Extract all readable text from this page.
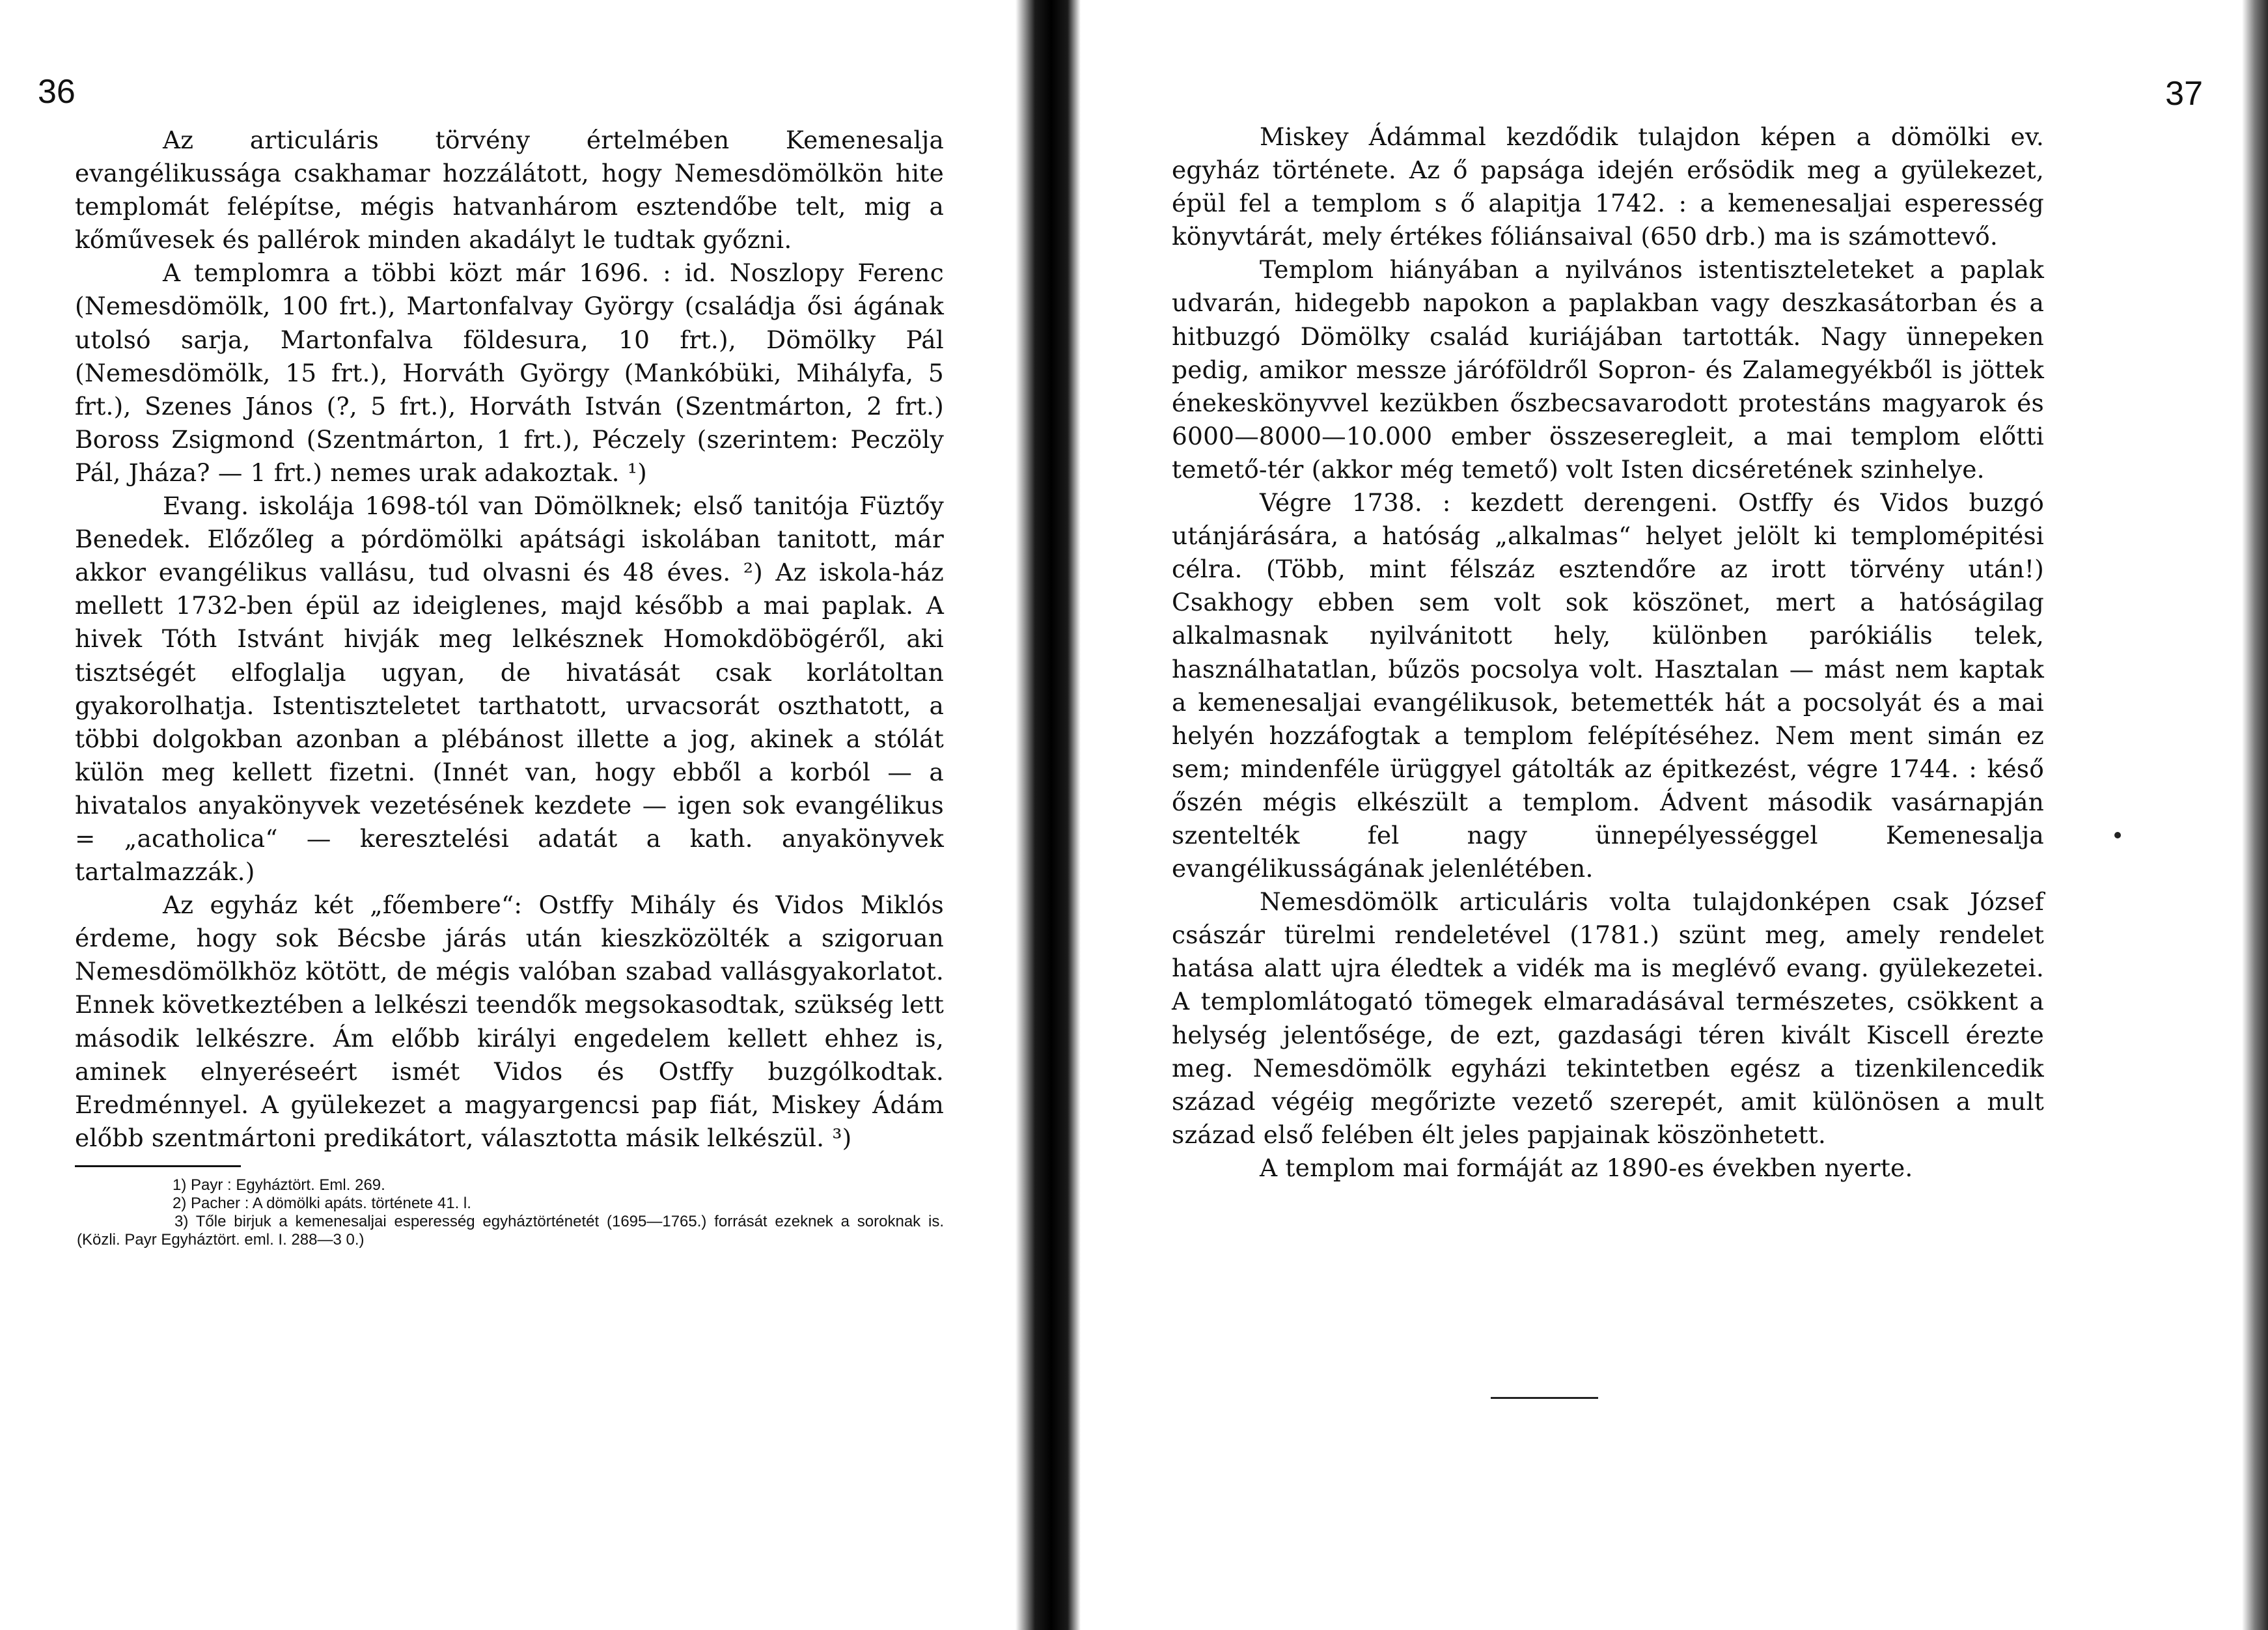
36

Az articuláris törvény értelmében Kemenesalja evangélikussága csakhamar hozzálátott, hogy Nemesdömölkön hite templomát felépítse, mégis hatvanhárom esztendőbe telt, mig a kőművesek és pallérok minden akadályt le tudtak győzni.

A templomra a többi közt már 1696. : id. Noszlopy Ferenc (Nemesdömölk, 100 frt.), Martonfalvay György (családja ősi ágának utolsó sarja, Martonfalva földesura, 10 frt.), Dömölky Pál (Nemesdömölk, 15 frt.), Horváth György (Mankóbüki, Mihályfa, 5 frt.), Szenes János (?, 5 frt.), Horváth István (Szentmárton, 2 frt.) Boross Zsigmond (Szentmárton, 1 frt.), Péczely (szerintem: Peczöly Pál, Jháza? — 1 frt.) nemes urak adakoztak. ¹)

Evang. iskolája 1698-tól van Dömölknek; első tanitója Füztőy Benedek. Előzőleg a pórdömölki apátsági iskolában tanitott, már akkor evangélikus vallásu, tud olvasni és 48 éves. ²) Az iskola-ház mellett 1732-ben épül az ideiglenes, majd később a mai paplak. A hivek Tóth Istvánt hivják meg lelkésznek Homokdöbögéről, aki tisztségét elfoglalja ugyan, de hivatását csak korlátoltan gyakorolhatja. Istentiszteletet tarthatott, urvacsorát oszthatott, a többi dolgokban azonban a plébánost illette a jog, akinek a stólát külön meg kellett fizetni. (Innét van, hogy ebből a korból — a hivatalos anyakönyvek vezetésének kezdete — igen sok evangélikus = „acatholica“ — keresztelési adatát a kath. anyakönyvek tartalmazzák.)

Az egyház két „főembere“: Ostffy Mihály és Vidos Miklós érdeme, hogy sok Bécsbe járás után kieszközölték a szigoruan Nemesdömölkhöz kötött, de mégis valóban szabad vallásgyakorlatot. Ennek következtében a lelkészi teendők megsokasodtak, szükség lett második lelkészre. Ám előbb királyi engedelem kellett ehhez is, aminek elnyeréseért ismét Vidos és Ostffy buzgólkodtak. Eredménnyel. A gyülekezet a magyargencsi pap fiát, Miskey Ádám előbb szentmártoni predikátort, választotta másik lelkészül. ³)

1) Payr : Egyháztört. Eml. 269.

2) Pacher : A dömölki apáts. története 41. l.

3) Tőle birjuk a kemenesaljai esperesség egyháztörténetét (1695—1765.) forrását ezeknek a soroknak is. (Közli. Payr Egyháztört. eml. I. 288—3 0.)

37

Miskey Ádámmal kezdődik tulajdon képen a dömölki ev. egyház története. Az ő papsága idején erősödik meg a gyülekezet, épül fel a templom s ő alapitja 1742. : a kemenesaljai esperesség könyvtárát, mely értékes fóliánsaival (650 drb.) ma is számottevő.

Templom hiányában a nyilvános istentiszteleteket a paplak udvarán, hidegebb napokon a paplakban vagy deszkasátorban és a hitbuzgó Dömölky család kuriájában tartották. Nagy ünnepeken pedig, amikor messze járóföldről Sopron- és Zalamegyékből is jöttek énekeskönyvvel kezükben őszbecsavarodott protestáns magyarok és 6000—8000—10.000 ember összeseregleit, a mai templom előtti temető-tér (akkor még temető) volt Isten dicséretének szinhelye.

Végre 1738. : kezdett derengeni. Ostffy és Vidos buzgó utánjárására, a hatóság „alkalmas“ helyet jelölt ki templomépitési célra. (Több, mint félszáz esztendőre az irott törvény után!) Csakhogy ebben sem volt sok köszönet, mert a hatóságilag alkalmasnak nyilvánitott hely, különben parókiális telek, használhatatlan, bűzös pocsolya volt. Hasztalan — mást nem kaptak a kemenesaljai evangélikusok, betemették hát a pocsolyát és a mai helyén hozzáfogtak a templom felépítéséhez. Nem ment simán ez sem; mindenféle ürüggyel gátolták az épitkezést, végre 1744. : késő őszén mégis elkészült a templom. Ádvent második vasárnapján szentelték fel nagy ünnepélyességgel Kemenesalja evangélikusságának jelenlétében.

Nemesdömölk articuláris volta tulajdonképen csak József császár türelmi rendeletével (1781.) szünt meg, amely rendelet hatása alatt ujra éledtek a vidék ma is meglévő evang. gyülekezetei. A templomlátogató tömegek elmaradásával természetes, csökkent a helység jelentősége, de ezt, gazdasági téren kivált Kiscell érezte meg. Nemesdömölk egyházi tekintetben egész a tizenkilencedik század végéig megőrizte vezető szerepét, amit különösen a mult század első felében élt jeles papjainak köszönhetett.

A templom mai formáját az 1890-es években nyerte.
